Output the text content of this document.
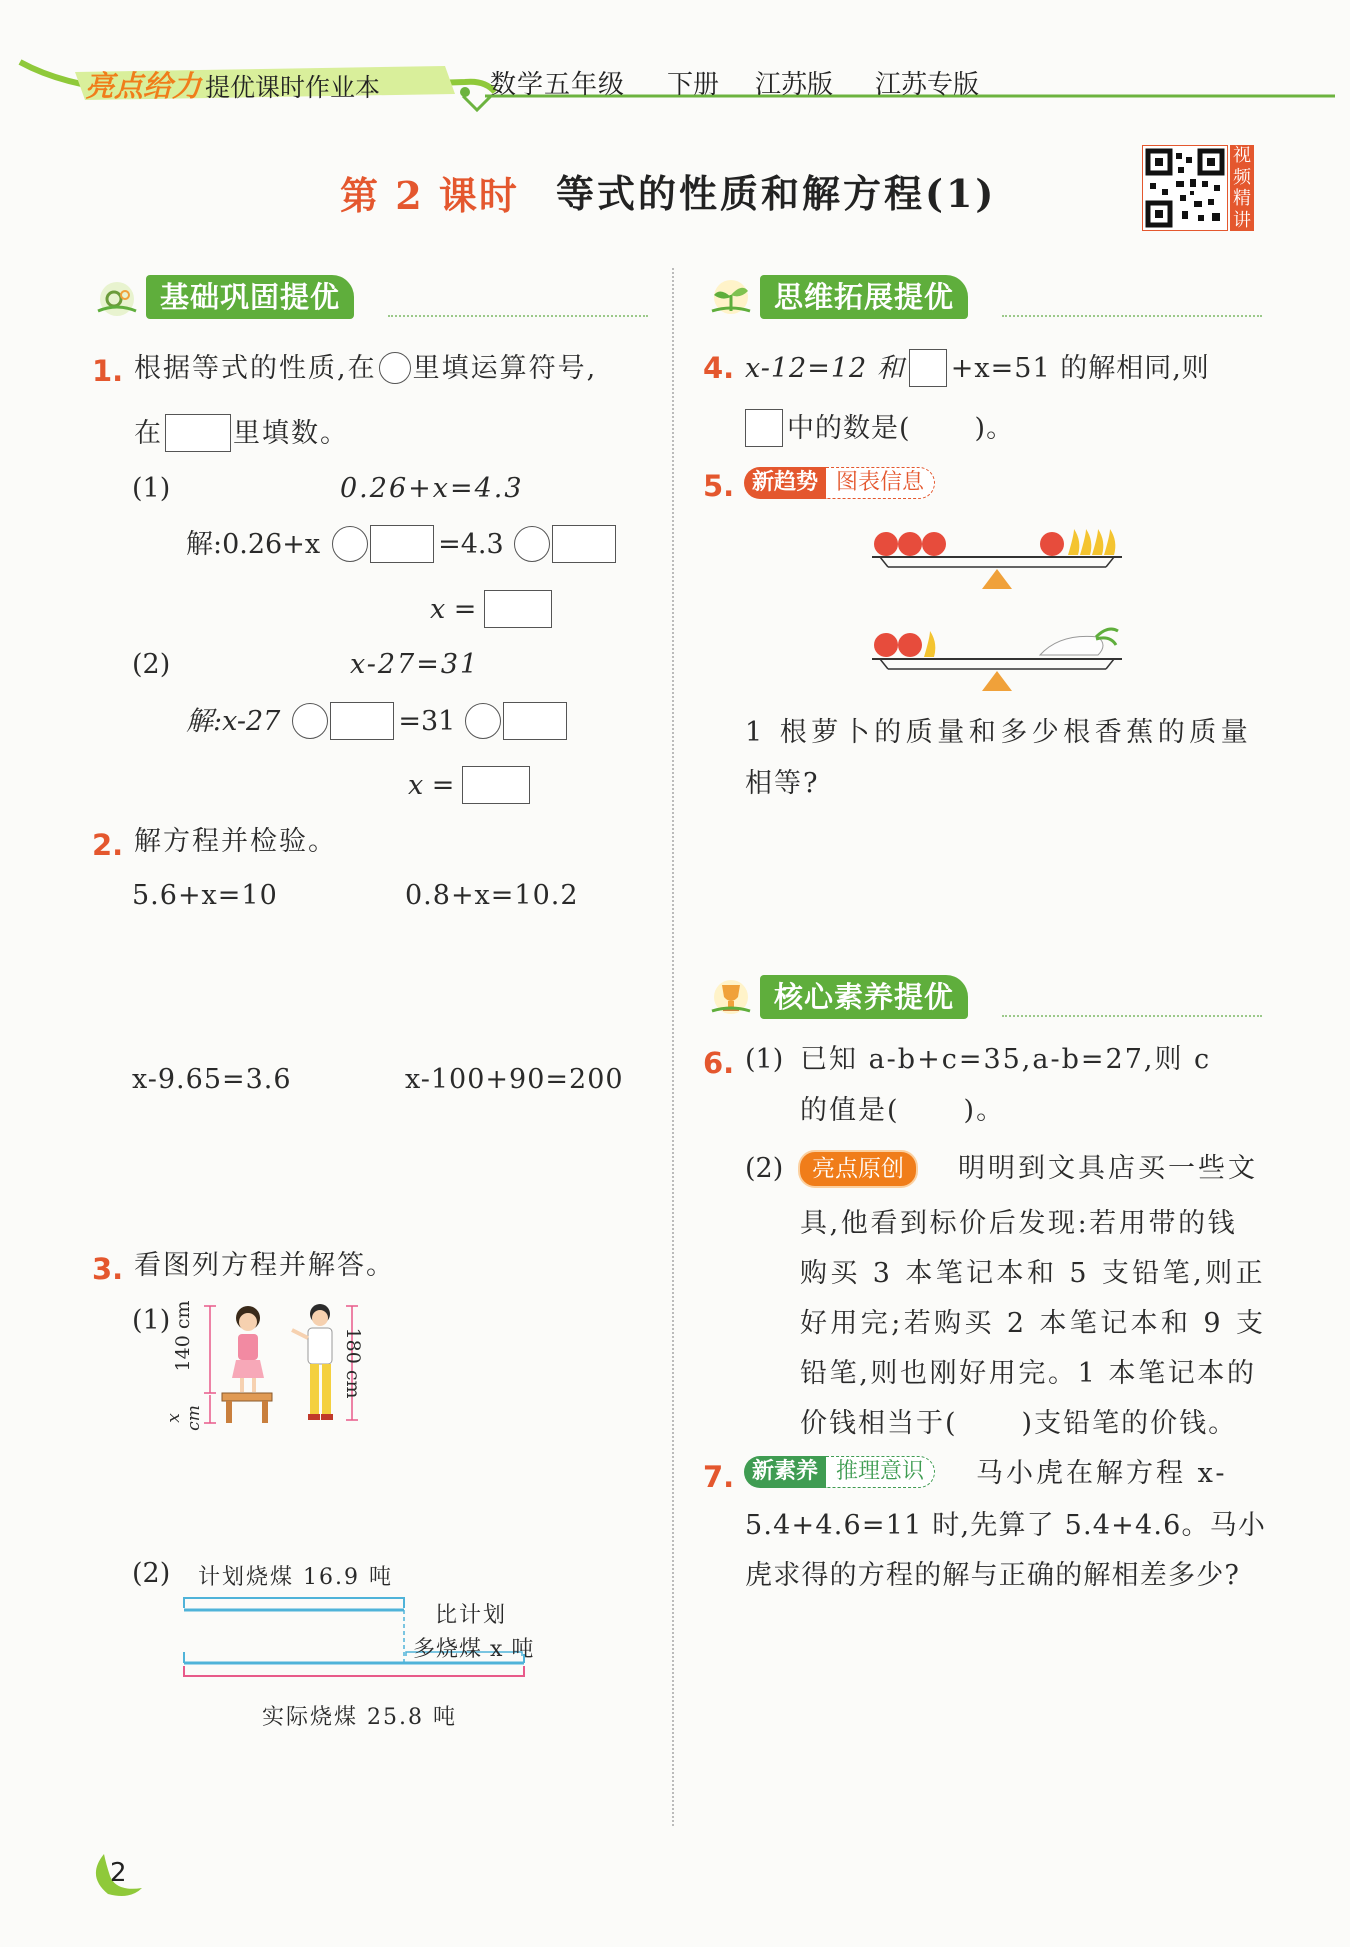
亮点给力 提优课时作业本	数学五年级 下册 江苏版 江苏专版
第 2 课时 等式的性质和解方程(1)
视频精讲
基础巩固提优
1. 根据等式的性质,在 里填运算符号,
在	里填数。
(1)	0.26+x=4.3
解:0.26+x	=4.3
x =
(2)	x-27=31
解:x-27	=31
x =
2. 解方程并检验。
5.6+x=10	0.8+x=10.2
x-9.65=3.6	x-100+90=200
3. 看图列方程并解答。
(1) 140 cm
x cm
180 cm
(2) 计划烧煤 16.9 吨
比计划
多烧煤 x 吨
实际烧煤 25.8 吨
思维拓展提优
4. x-12=12 和 +x=51 的解相同,则
中的数是( )。
5. 新趋势 图表信息
1 根萝卜的质量和多少根香蕉的质量
相等?
核心素养提优
6. (1) 已知 a-b+c=35,a-b=27,则 c
的值是( )。
(2)	亮点原创	明明到文具店买一些文
具,他看到标价后发现:若用带的钱
购买 3 本笔记本和 5 支铅笔,则正
好用完;若购买 2 本笔记本和 9 支
铅笔,则也刚好用完。1 本笔记本的
价钱相当于( )支铅笔的价钱。
7. 新素养 推理意识	马小虎在解方程 x-
5.4+4.6=11 时,先算了 5.4+4.6。马小
虎求得的方程的解与正确的解相差多少?
2
